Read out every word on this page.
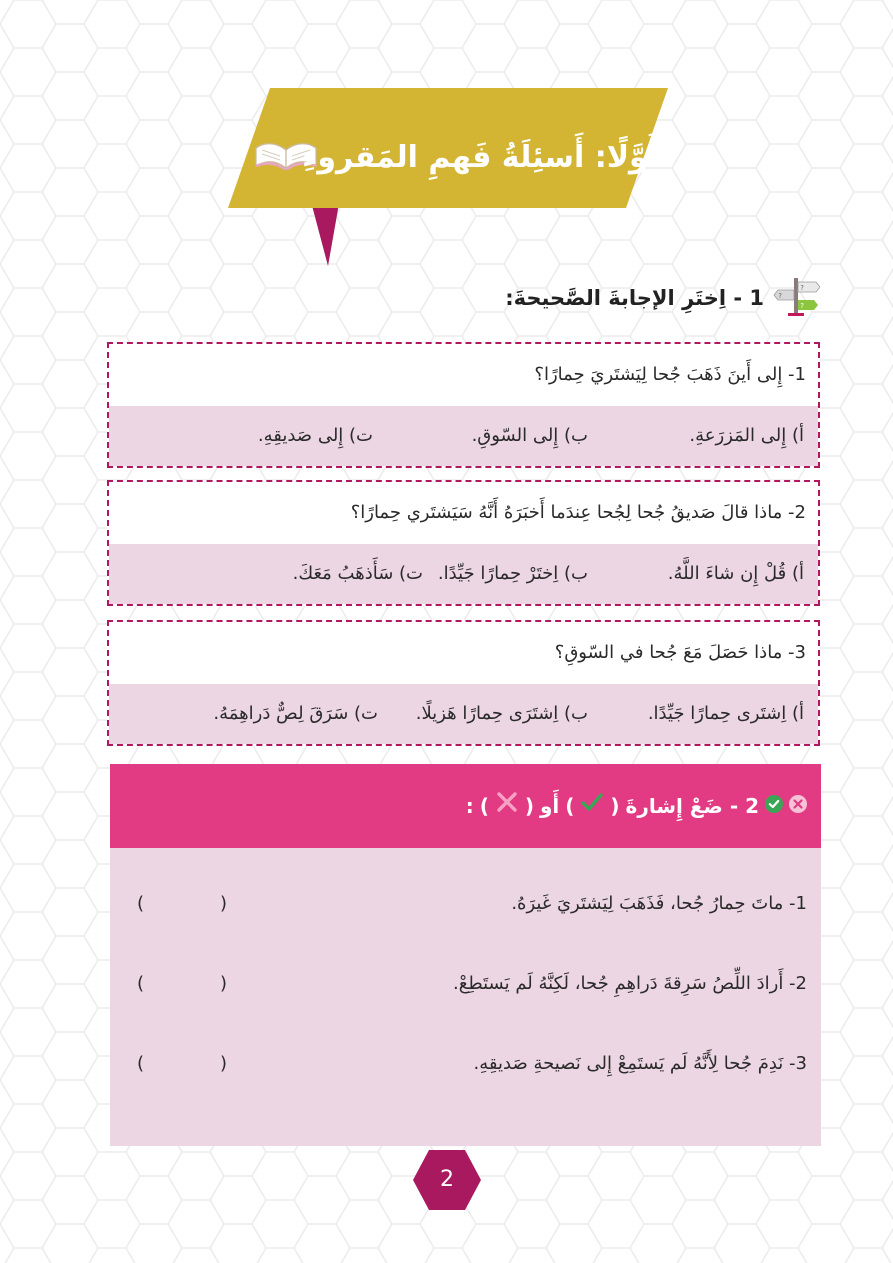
أَوَّلًا: أَسئِلَةُ فَهمِ المَقروءِ
?
?
?
1 - اِختَرِ الإجابةَ الصَّحيحةَ:
1- إِلى أَينَ ذَهَبَ جُحا لِيَشتَريَ حِمارًا؟
أ) إِلى المَزرَعةِ.
ب) إِلى السّوقِ.
ت) إِلى صَديقِهِ.
2- ماذا قالَ صَديقُ جُحا لِجُحا عِندَما أَخبَرَهُ أَنَّهُ سَيَشتَري حِمارًا؟
أ) قُلْ إِن شاءَ اللَّهُ.
ب) اِختَرْ حِمارًا جَيِّدًا.
ت) سَأَذهَبُ مَعَكَ.
3- ماذا حَصَلَ مَعَ جُحا في السّوقِ؟
أ) اِشتَرى حِمارًا جَيِّدًا.
ب) اِشتَرَى حِمارًا هَزيلًا.
ت) سَرَقَ لِصٌّ دَراهِمَهُ.
2 - ضَعْ إِشارةَ
(
)
أَو
(
)
:
1- ماتَ حِمارُ جُحا، فَذَهَبَ لِيَشتَريَ غَيرَهُ.
(
)
2- أَرادَ اللِّصُ سَرِقةَ دَراهِمِ جُحا، لَكِنَّهُ لَم يَستَطِعْ.
(
)
3- نَدِمَ جُحا لِأَنَّهُ لَم يَستَمِعْ إِلى نَصيحةِ صَديقِهِ.
(
)
2
